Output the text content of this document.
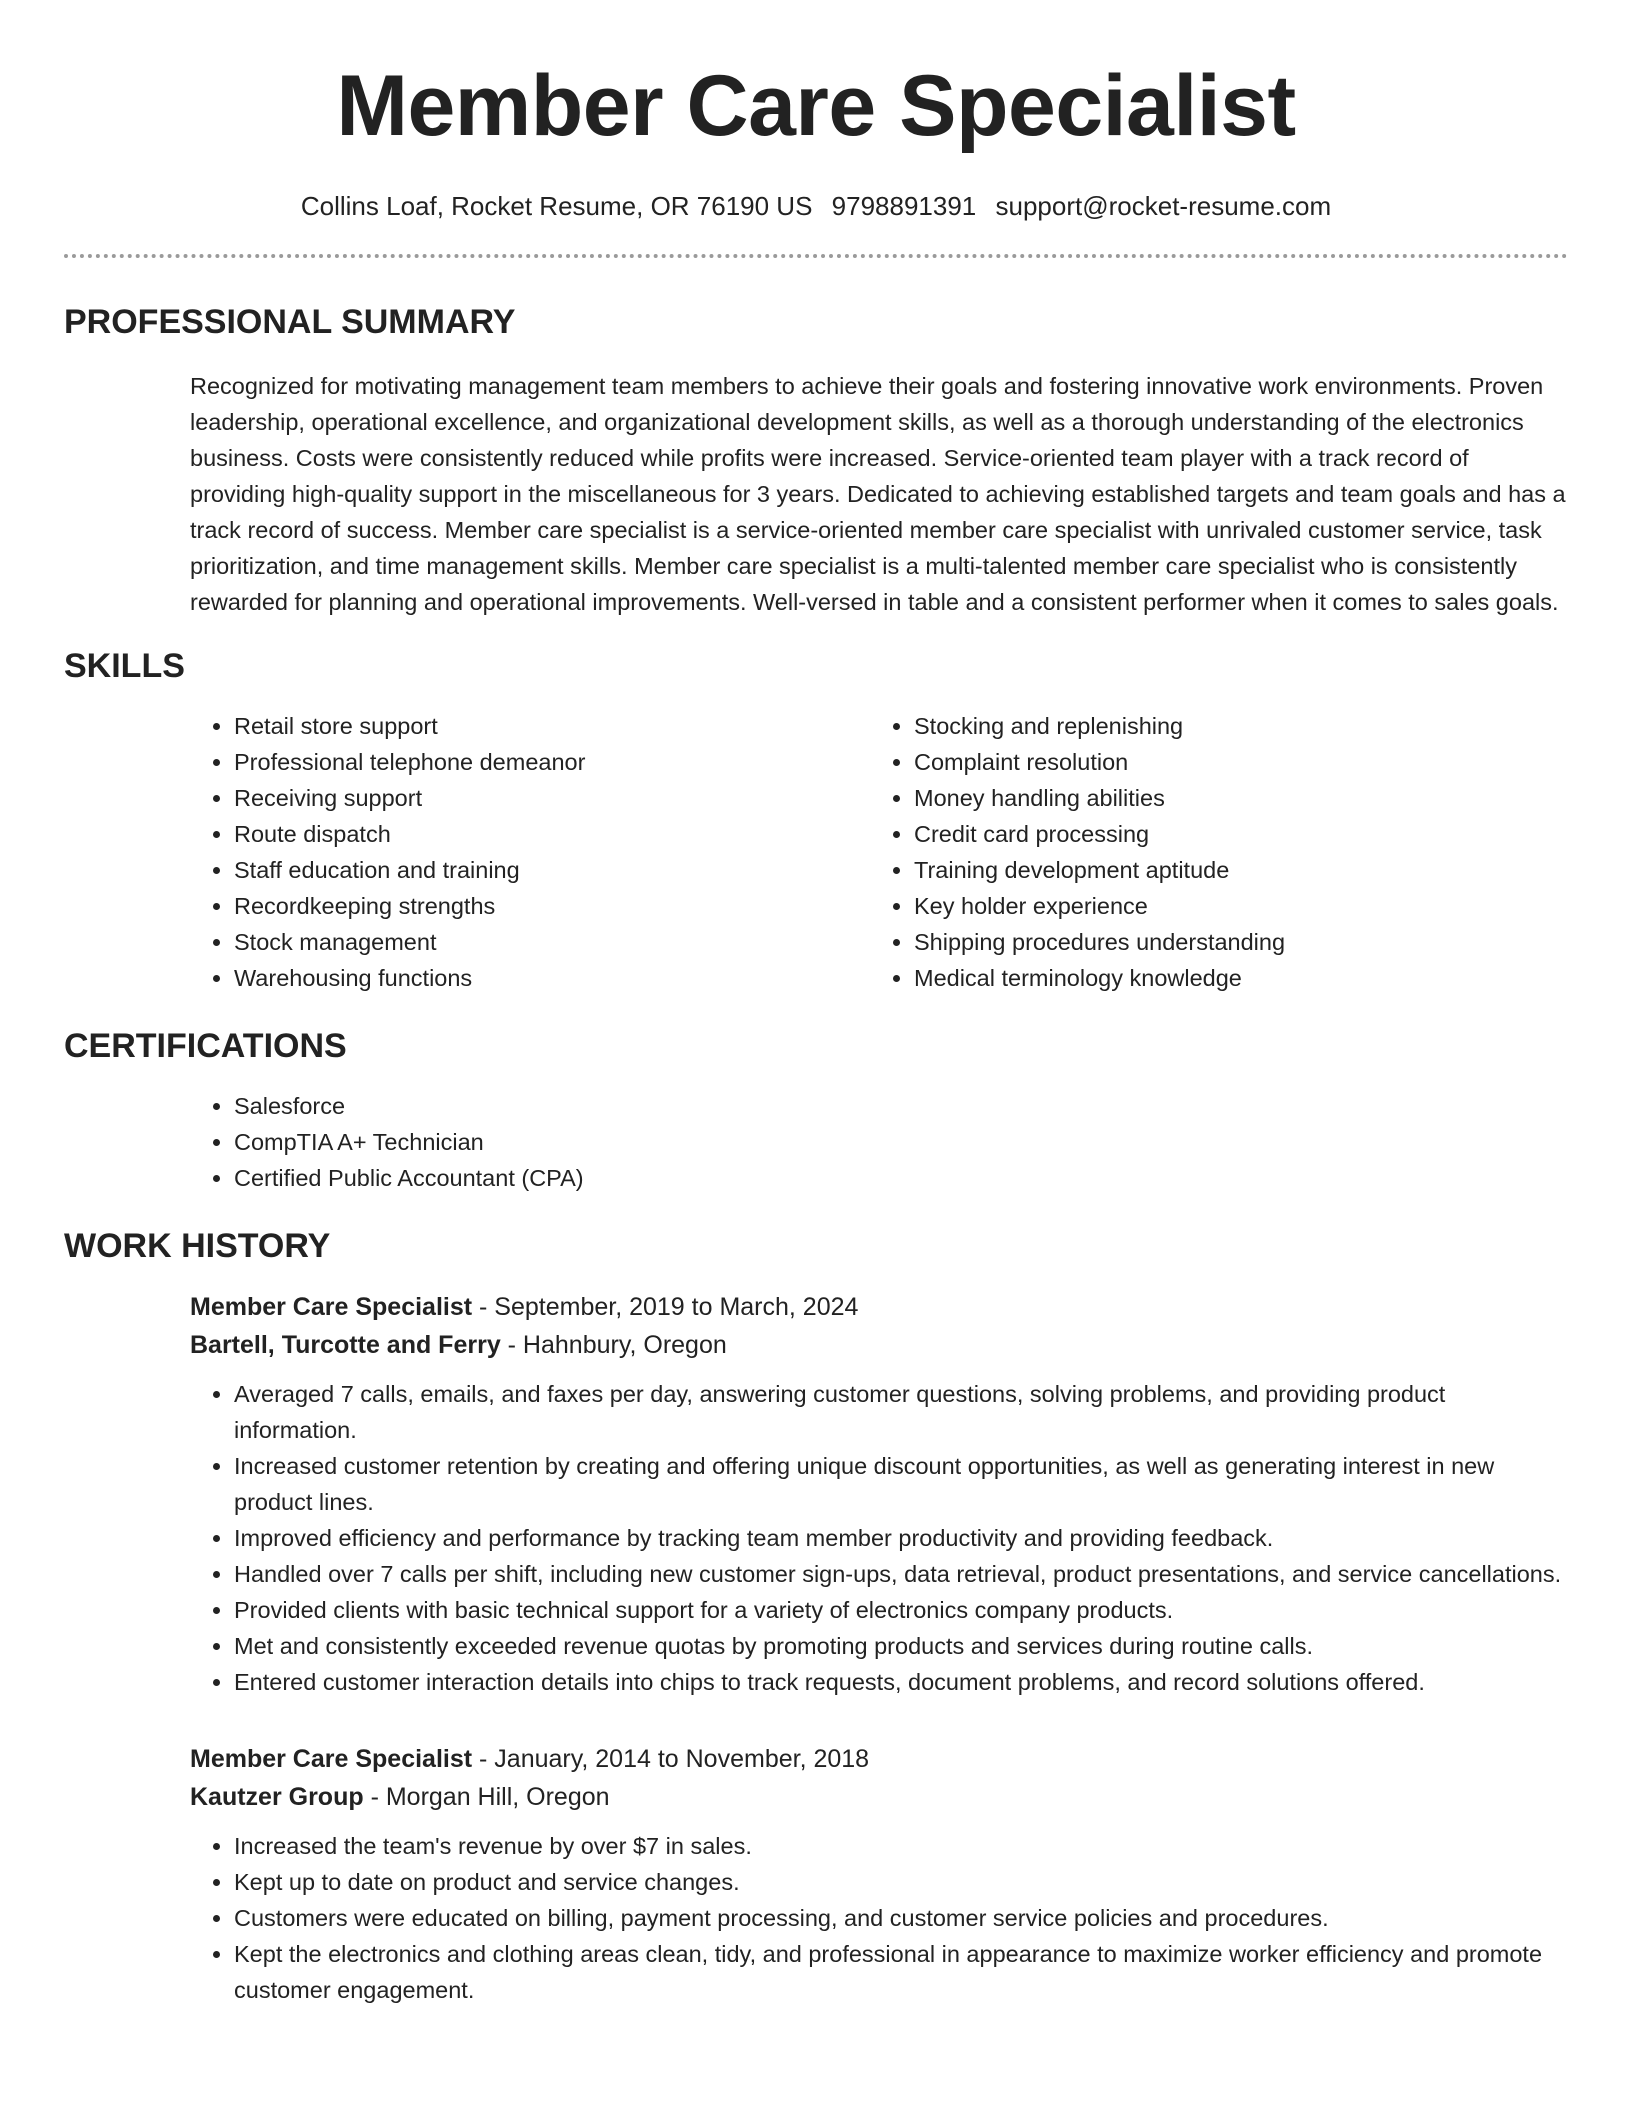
Member Care Specialist
Collins Loaf, Rocket Resume, OR 76190 US 9798891391 support@rocket-resume.com
PROFESSIONAL SUMMARY

Recognized for motivating management team members to achieve their goals and fostering innovative work environments. Proven leadership, operational excellence, and organizational development skills, as well as a thorough understanding of the electronics business. Costs were consistently reduced while profits were increased. Service-oriented team player with a track record of providing high-quality support in the miscellaneous for 3 years. Dedicated to achieving established targets and team goals and has a track record of success. Member care specialist is a service-oriented member care specialist with unrivaled customer service, task prioritization, and time management skills. Member care specialist is a multi-talented member care specialist who is consistently rewarded for planning and operational improvements. Well-versed in table and a consistent performer when it comes to sales goals.

SKILLS
• Retail store support
• Professional telephone demeanor
• Receiving support
• Route dispatch
• Staff education and training
• Recordkeeping strengths
• Stock management
• Warehousing functions
• Stocking and replenishing
• Complaint resolution
• Money handling abilities
• Credit card processing
• Training development aptitude
• Key holder experience
• Shipping procedures understanding
• Medical terminology knowledge
CERTIFICATIONS
• Salesforce
• CompTIA A+ Technician
• Certified Public Accountant (CPA)
WORK HISTORY
Member Care Specialist - September, 2019 to March, 2024
Bartell, Turcotte and Ferry - Hahnbury, Oregon
• Averaged 7 calls, emails, and faxes per day, answering customer questions, solving problems, and providing product information.
• Increased customer retention by creating and offering unique discount opportunities, as well as generating interest in new product lines.
• Improved efficiency and performance by tracking team member productivity and providing feedback.
• Handled over 7 calls per shift, including new customer sign-ups, data retrieval, product presentations, and service cancellations.
• Provided clients with basic technical support for a variety of electronics company products.
• Met and consistently exceeded revenue quotas by promoting products and services during routine calls.
• Entered customer interaction details into chips to track requests, document problems, and record solutions offered.
Member Care Specialist - January, 2014 to November, 2018
Kautzer Group - Morgan Hill, Oregon
• Increased the team's revenue by over $7 in sales.
• Kept up to date on product and service changes.
• Customers were educated on billing, payment processing, and customer service policies and procedures.
• Kept the electronics and clothing areas clean, tidy, and professional in appearance to maximize worker efficiency and promote customer engagement.
